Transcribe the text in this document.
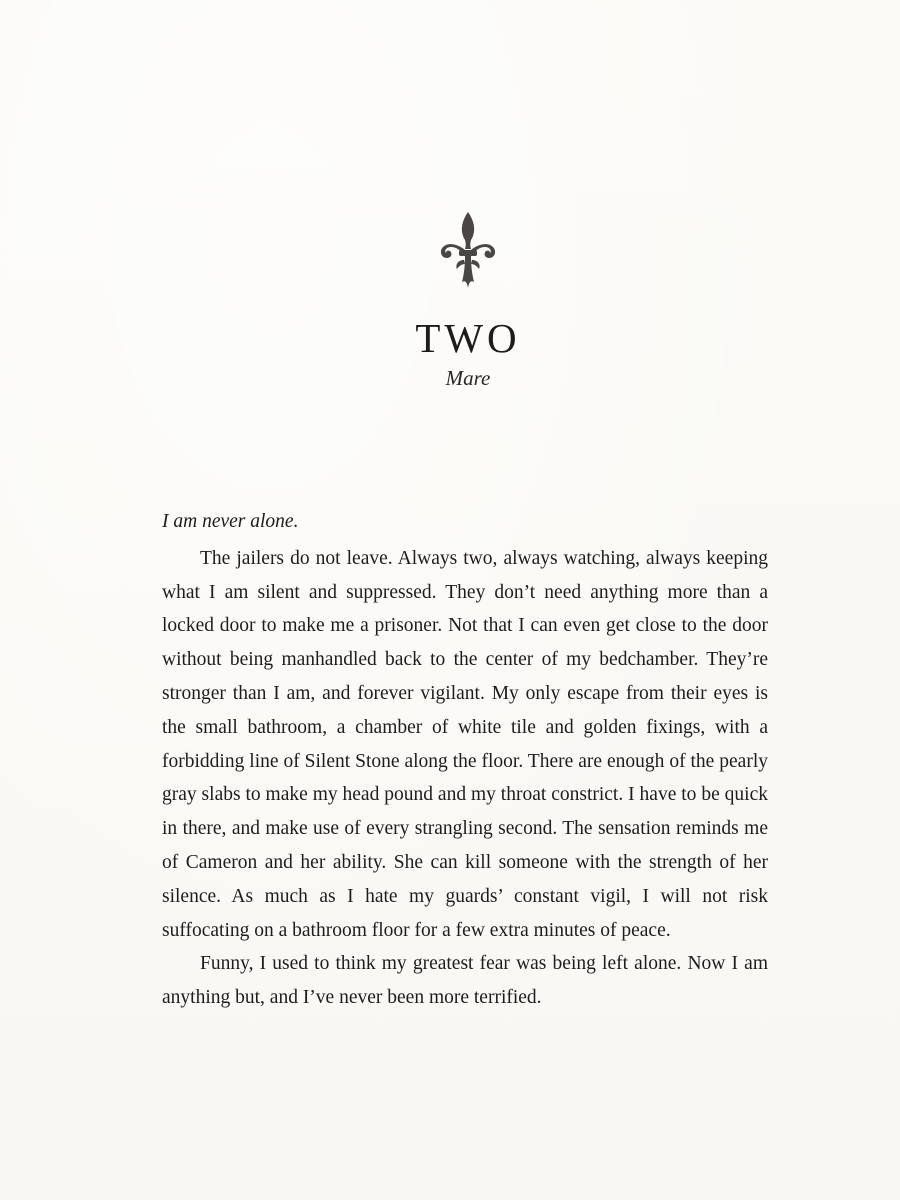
TWO
Mare

I am never alone.

The jailers do not leave. Always two, always watching, always keeping what I am silent and suppressed. They don’t need anything more than a locked door to make me a prisoner. Not that I can even get close to the door without being manhandled back to the center of my bedchamber. They’re stronger than I am, and forever vigilant. My only escape from their eyes is the small bathroom, a chamber of white tile and golden fixings, with a forbidding line of Silent Stone along the floor. There are enough of the pearly gray slabs to make my head pound and my throat constrict. I have to be quick in there, and make use of every strangling second. The sensation reminds me of Cameron and her ability. She can kill someone with the strength of her silence. As much as I hate my guards’ constant vigil, I will not risk suffocating on a bathroom floor for a few extra minutes of peace.

Funny, I used to think my greatest fear was being left alone. Now I am anything but, and I’ve never been more terrified.
